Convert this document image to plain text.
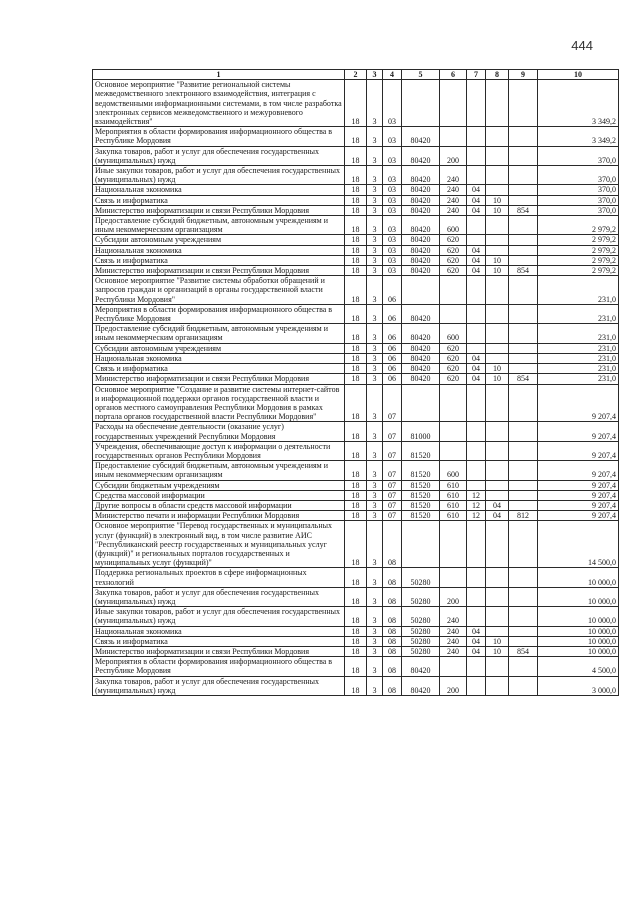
444
1	2	3	4	5	6	7	8	9	10
Основное мероприятие "Развитие региональной системы межведомственного электронного взаимодействия, интеграция с ведомственными информационными системами, в том числе разработка электронных сервисов межведомственного и межуровневого взаимодействия"	18	3	03						3 349,2
Мероприятия в области формирования информационного общества в Республике Мордовия	18	3	03	80420					3 349,2
Закупка товаров, работ и услуг для обеспечения государственных (муниципальных) нужд	18	3	03	80420	200				370,0
Иные закупки товаров, работ и услуг для обеспечения государственных (муниципальных) нужд	18	3	03	80420	240				370,0
Национальная экономика	18	3	03	80420	240	04			370,0
Связь и информатика	18	3	03	80420	240	04	10		370,0
Министерство информатизации и связи Республики Мордовия	18	3	03	80420	240	04	10	854	370,0
Предоставление субсидий бюджетным, автономным учреждениям и иным некоммерческим организациям	18	3	03	80420	600				2 979,2
Субсидии автономным учреждениям	18	3	03	80420	620				2 979,2
Национальная экономика	18	3	03	80420	620	04			2 979,2
Связь и информатика	18	3	03	80420	620	04	10		2 979,2
Министерство информатизации и связи Республики Мордовия	18	3	03	80420	620	04	10	854	2 979,2
Основное мероприятие "Развитие системы обработки обращений и запросов граждан и организаций в органы государственной власти Республики Мордовия"	18	3	06						231,0
Мероприятия в области формирования информационного общества в Республике Мордовия	18	3	06	80420					231,0
Предоставление субсидий бюджетным, автономным учреждениям и иным некоммерческим организациям	18	3	06	80420	600				231,0
Субсидии автономным учреждениям	18	3	06	80420	620				231,0
Национальная экономика	18	3	06	80420	620	04			231,0
Связь и информатика	18	3	06	80420	620	04	10		231,0
Министерство информатизации и связи Республики Мордовия	18	3	06	80420	620	04	10	854	231,0
Основное мероприятие "Создание и развитие системы интернет-сайтов и информационной поддержки органов государственной власти и органов местного самоуправления Республики Мордовия в рамках портала органов государственной власти Республики Мордовия"	18	3	07						9 207,4
Расходы на обеспечение деятельности (оказание услуг) государственных учреждений Республики Мордовия	18	3	07	81000					9 207,4
Учреждения, обеспечивающие доступ к информации о деятельности государственных органов Республики Мордовия	18	3	07	81520					9 207,4
Предоставление субсидий бюджетным, автономным учреждениям и иным некоммерческим организациям	18	3	07	81520	600				9 207,4
Субсидии бюджетным учреждениям	18	3	07	81520	610				9 207,4
Средства массовой информации	18	3	07	81520	610	12			9 207,4
Другие вопросы в области средств массовой информации	18	3	07	81520	610	12	04		9 207,4
Министерство печати и информации Республики Мордовия	18	3	07	81520	610	12	04	812	9 207,4
Основное мероприятие "Перевод государственных и муниципальных услуг (функций) в электронный вид, в том числе развитие АИС "Республиканский реестр государственных и муниципальных услуг (функций)" и региональных порталов государственных и муниципальных услуг (функций)"	18	3	08						14 500,0
Поддержка региональных проектов в сфере информационных технологий	18	3	08	50280					10 000,0
Закупка товаров, работ и услуг для обеспечения государственных (муниципальных) нужд	18	3	08	50280	200				10 000,0
Иные закупки товаров, работ и услуг для обеспечения государственных (муниципальных) нужд	18	3	08	50280	240				10 000,0
Национальная экономика	18	3	08	50280	240	04			10 000,0
Связь и информатика	18	3	08	50280	240	04	10		10 000,0
Министерство информатизации и связи Республики Мордовия	18	3	08	50280	240	04	10	854	10 000,0
Мероприятия в области формирования информационного общества в Республике Мордовия	18	3	08	80420					4 500,0
Закупка товаров, работ и услуг для обеспечения государственных (муниципальных) нужд	18	3	08	80420	200				3 000,0
